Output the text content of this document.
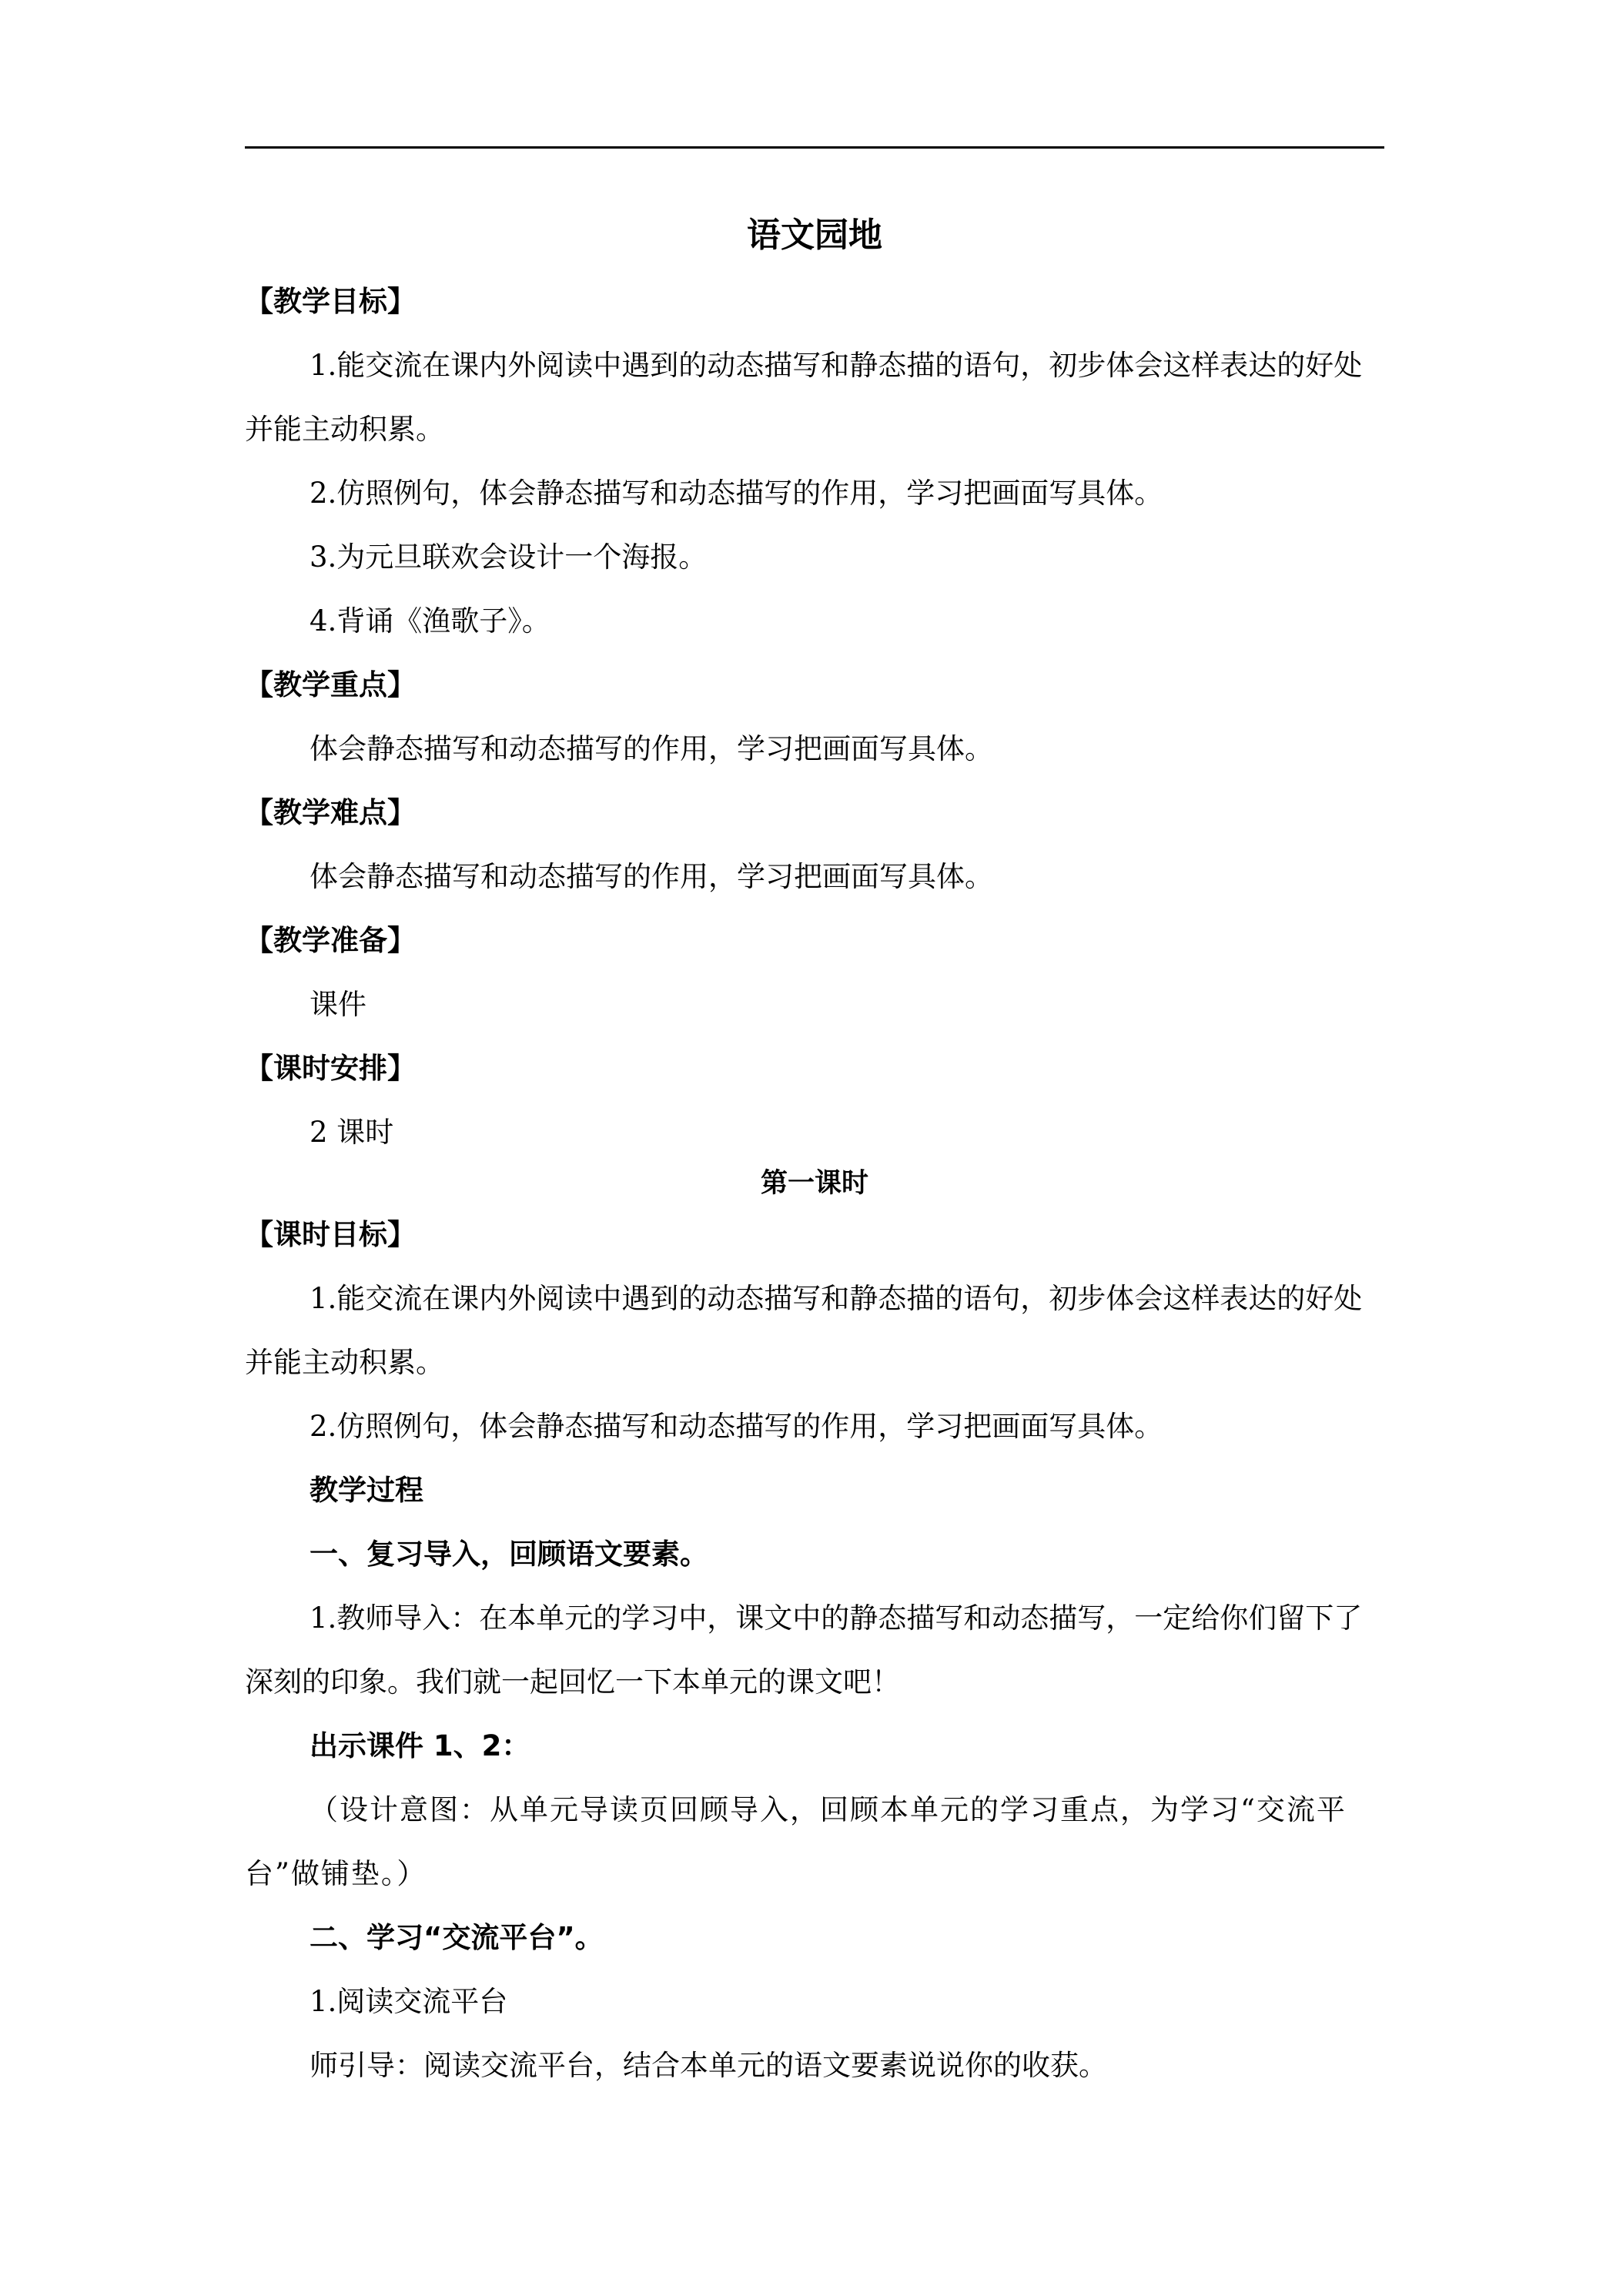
语文园地
【教学目标】

1.能交流在课内外阅读中遇到的动态描写和静态描的语句，初步体会这样表达的好处并能主动积累。

2.仿照例句，体会静态描写和动态描写的作用，学习把画面写具体。

3.为元旦联欢会设计一个海报。

4.背诵《渔歌子》。

【教学重点】

体会静态描写和动态描写的作用，学习把画面写具体。

【教学难点】

体会静态描写和动态描写的作用，学习把画面写具体。

【教学准备】

课件

【课时安排】

2 课时

第一课时
【课时目标】

1.能交流在课内外阅读中遇到的动态描写和静态描的语句，初步体会这样表达的好处并能主动积累。

2.仿照例句，体会静态描写和动态描写的作用，学习把画面写具体。

教学过程

一、复习导入，回顾语文要素。

1.教师导入：在本单元的学习中，课文中的静态描写和动态描写，一定给你们留下了深刻的印象。我们就一起回忆一下本单元的课文吧！

出示课件 1、2：

（设计意图：从单元导读页回顾导入，回顾本单元的学习重点，为学习“交流平台”做铺垫。）

二、学习“交流平台”。

1.阅读交流平台

师引导：阅读交流平台，结合本单元的语文要素说说你的收获。
